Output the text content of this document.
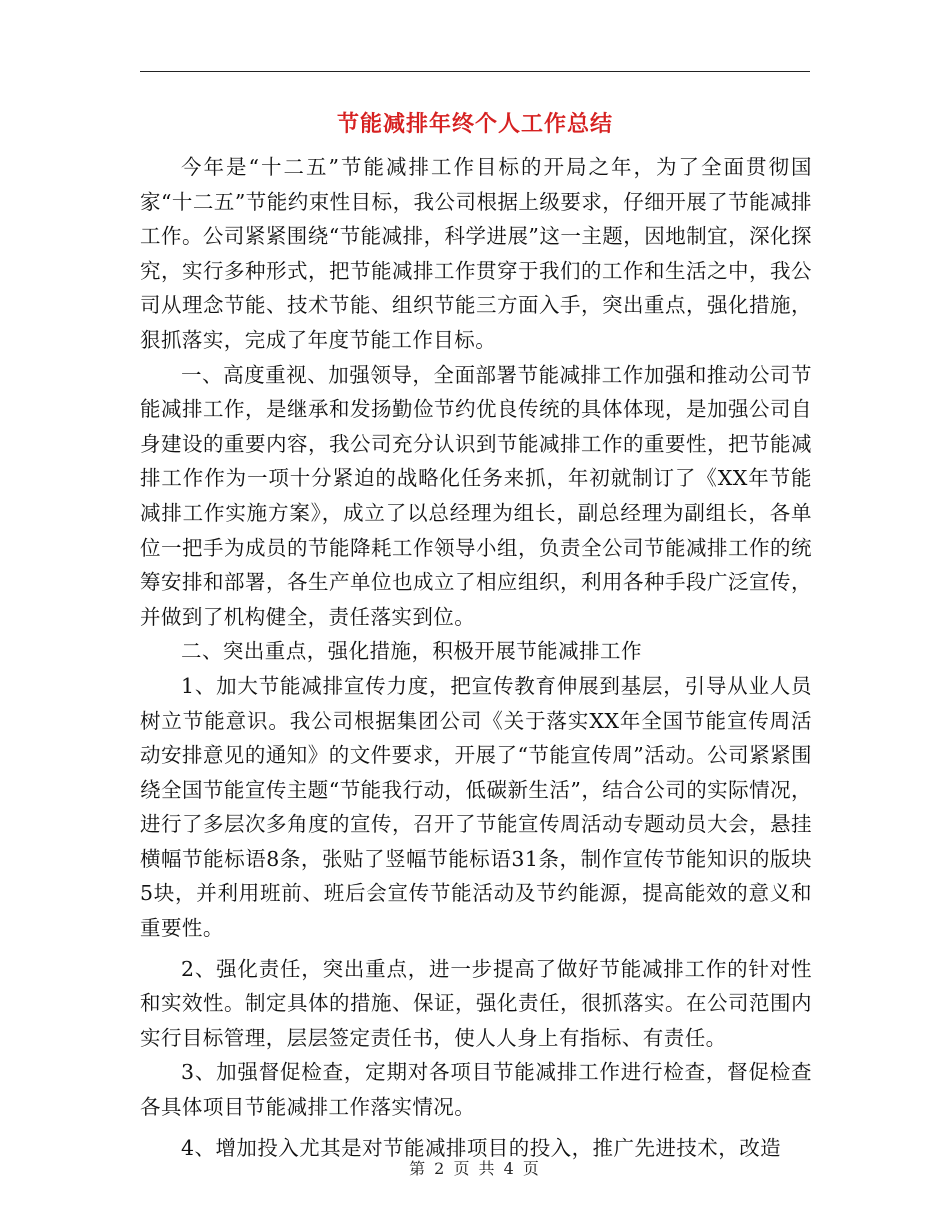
节能减排年终个人工作总结

今年是“十二五”节能减排工作目标的开局之年，为了全面贯彻国家“十二五”节能约束性目标，我公司根据上级要求，仔细开展了节能减排工作。公司紧紧围绕“节能减排，科学进展”这一主题，因地制宜，深化探究，实行多种形式，把节能减排工作贯穿于我们的工作和生活之中，我公司从理念节能、技术节能、组织节能三方面入手，突出重点，强化措施，狠抓落实，完成了年度节能工作目标。

一、高度重视、加强领导，全面部署节能减排工作加强和推动公司节能减排工作，是继承和发扬勤俭节约优良传统的具体体现，是加强公司自身建设的重要内容，我公司充分认识到节能减排工作的重要性，把节能减排工作作为一项十分紧迫的战略化任务来抓，年初就制订了《XX年节能减排工作实施方案》，成立了以总经理为组长，副总经理为副组长，各单位一把手为成员的节能降耗工作领导小组，负责全公司节能减排工作的统筹安排和部署，各生产单位也成立了相应组织，利用各种手段广泛宣传，并做到了机构健全，责任落实到位。

二、突出重点，强化措施，积极开展节能减排工作

1、加大节能减排宣传力度，把宣传教育伸展到基层，引导从业人员树立节能意识。我公司根据集团公司《关于落实XX年全国节能宣传周活动安排意见的通知》的文件要求，开展了“节能宣传周”活动。公司紧紧围绕全国节能宣传主题“节能我行动，低碳新生活”，结合公司的实际情况，进行了多层次多角度的宣传，召开了节能宣传周活动专题动员大会，悬挂横幅节能标语8条，张贴了竖幅节能标语31条，制作宣传节能知识的版块5块，并利用班前、班后会宣传节能活动及节约能源，提高能效的意义和重要性。

2、强化责任，突出重点，进一步提高了做好节能减排工作的针对性和实效性。制定具体的措施、保证，强化责任，很抓落实。在公司范围内实行目标管理，层层签定责任书，使人人身上有指标、有责任。

3、加强督促检查，定期对各项目节能减排工作进行检查，督促检查各具体项目节能减排工作落实情况。

4、增加投入尤其是对节能减排项目的投入，推广先进技术，改造

第 2 页 共 4 页
